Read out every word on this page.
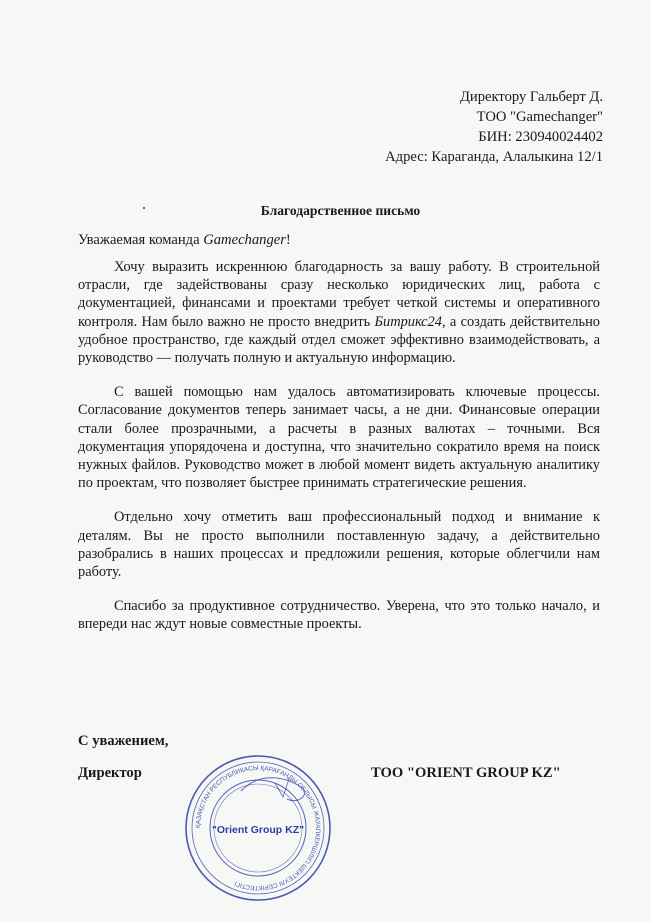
Директору Гальберт Д.
ТОО "Gamechanger"
БИН: 230940024402
Адрес: Караганда, Алалыкина 12/1
Благодарственное письмо
Уважаемая команда Gamechanger!

Хочу выразить искреннюю благодарность за вашу работу. В строительной отрасли, где задействованы сразу несколько юридических лиц, работа с документацией, финансами и проектами требует четкой системы и оперативного контроля. Нам было важно не просто внедрить Битрикс24, а создать действительно удобное пространство, где каждый отдел сможет эффективно взаимодействовать, а руководство — получать полную и актуальную информацию.

С вашей помощью нам удалось автоматизировать ключевые процессы. Согласование документов теперь занимает часы, а не дни. Финансовые операции стали более прозрачными, а расчеты в разных валютах – точными. Вся документация упорядочена и доступна, что значительно сократило время на поиск нужных файлов. Руководство может в любой момент видеть актуальную аналитику по проектам, что позволяет быстрее принимать стратегические решения.

Отдельно хочу отметить ваш профессиональный подход и внимание к деталям. Вы не просто выполнили поставленную задачу, а действительно разобрались в наших процессах и предложили решения, которые облегчили нам работу.

Спасибо за продуктивное сотрудничество. Уверена, что это только начало, и впереди нас ждут новые совместные проекты.

С уважением,
Директор	ТОО "ORIENT GROUP KZ"
ҚАЗАҚСТАН РЕСПУБЛИКАСЫ ҚАРАҒАНДЫ ОБЛЫСЫ ЖАУАПКЕРШІЛІГІ ШЕКТЕУЛІ СЕРІКТЕСТІГІ
"Orient Group KZ"
